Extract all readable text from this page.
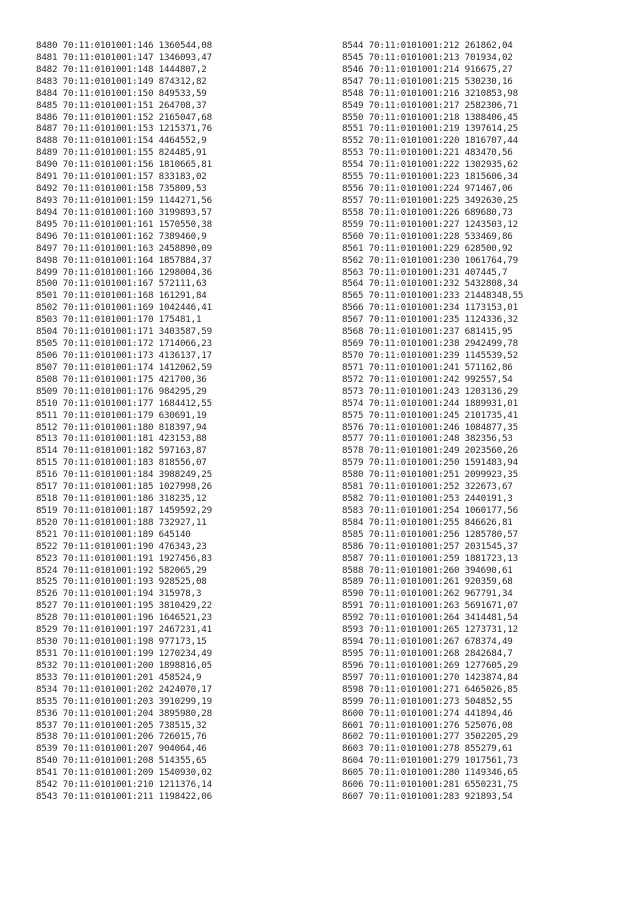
8480 70:11:0101001:146 1360544,08
8481 70:11:0101001:147 1346093,47
8482 70:11:0101001:148 1444807,2
8483 70:11:0101001:149 874312,82
8484 70:11:0101001:150 849533,59
8485 70:11:0101001:151 264708,37
8486 70:11:0101001:152 2165047,68
8487 70:11:0101001:153 1215371,76
8488 70:11:0101001:154 4464552,9
8489 70:11:0101001:155 824485,91
8490 70:11:0101001:156 1810665,81
8491 70:11:0101001:157 833183,02
8492 70:11:0101001:158 735809,53
8493 70:11:0101001:159 1144271,56
8494 70:11:0101001:160 3199893,57
8495 70:11:0101001:161 1570550,38
8496 70:11:0101001:162 7389460,9
8497 70:11:0101001:163 2458890,09
8498 70:11:0101001:164 1857884,37
8499 70:11:0101001:166 1298004,36
8500 70:11:0101001:167 572111,63
8501 70:11:0101001:168 161291,84
8502 70:11:0101001:169 1042446,41
8503 70:11:0101001:170 175481,1
8504 70:11:0101001:171 3403587,59
8505 70:11:0101001:172 1714066,23
8506 70:11:0101001:173 4136137,17
8507 70:11:0101001:174 1412062,59
8508 70:11:0101001:175 421700,36
8509 70:11:0101001:176 984295,29
8510 70:11:0101001:177 1684412,55
8511 70:11:0101001:179 630691,19
8512 70:11:0101001:180 818397,94
8513 70:11:0101001:181 423153,88
8514 70:11:0101001:182 597163,87
8515 70:11:0101001:183 818556,07
8516 70:11:0101001:184 3988249,25
8517 70:11:0101001:185 1027998,26
8518 70:11:0101001:186 318235,12
8519 70:11:0101001:187 1459592,29
8520 70:11:0101001:188 732927,11
8521 70:11:0101001:189 645140
8522 70:11:0101001:190 476343,23
8523 70:11:0101001:191 1927456,83
8524 70:11:0101001:192 582065,29
8525 70:11:0101001:193 928525,08
8526 70:11:0101001:194 315978,3
8527 70:11:0101001:195 3810429,22
8528 70:11:0101001:196 1646521,23
8529 70:11:0101001:197 2467231,41
8530 70:11:0101001:198 977173,15
8531 70:11:0101001:199 1270234,49
8532 70:11:0101001:200 1898816,05
8533 70:11:0101001:201 458524,9
8534 70:11:0101001:202 2424070,17
8535 70:11:0101001:203 3910299,19
8536 70:11:0101001:204 3895980,28
8537 70:11:0101001:205 738515,32
8538 70:11:0101001:206 726015,76
8539 70:11:0101001:207 904064,46
8540 70:11:0101001:208 514355,65
8541 70:11:0101001:209 1540930,02
8542 70:11:0101001:210 1211376,14
8543 70:11:0101001:211 1198422,06
8544 70:11:0101001:212 261862,04
8545 70:11:0101001:213 701934,02
8546 70:11:0101001:214 916675,27
8547 70:11:0101001:215 530230,16
8548 70:11:0101001:216 3210853,98
8549 70:11:0101001:217 2582306,71
8550 70:11:0101001:218 1388406,45
8551 70:11:0101001:219 1397614,25
8552 70:11:0101001:220 1816707,44
8553 70:11:0101001:221 483470,56
8554 70:11:0101001:222 1302935,62
8555 70:11:0101001:223 1815606,34
8556 70:11:0101001:224 971467,06
8557 70:11:0101001:225 3492630,25
8558 70:11:0101001:226 689680,73
8559 70:11:0101001:227 1243503,12
8560 70:11:0101001:228 533469,86
8561 70:11:0101001:229 628500,92
8562 70:11:0101001:230 1061764,79
8563 70:11:0101001:231 407445,7
8564 70:11:0101001:232 5432808,34
8565 70:11:0101001:233 21448348,55
8566 70:11:0101001:234 1173153,01
8567 70:11:0101001:235 1124336,32
8568 70:11:0101001:237 681415,95
8569 70:11:0101001:238 2942499,78
8570 70:11:0101001:239 1145539,52
8571 70:11:0101001:241 571162,86
8572 70:11:0101001:242 992557,54
8573 70:11:0101001:243 1203136,29
8574 70:11:0101001:244 1889931,01
8575 70:11:0101001:245 2101735,41
8576 70:11:0101001:246 1084877,35
8577 70:11:0101001:248 382356,53
8578 70:11:0101001:249 2023560,26
8579 70:11:0101001:250 1591483,94
8580 70:11:0101001:251 2099923,35
8581 70:11:0101001:252 322673,67
8582 70:11:0101001:253 2440191,3
8583 70:11:0101001:254 1060177,56
8584 70:11:0101001:255 846626,81
8585 70:11:0101001:256 1285780,57
8586 70:11:0101001:257 2031545,37
8587 70:11:0101001:259 1881723,13
8588 70:11:0101001:260 394690,61
8589 70:11:0101001:261 920359,68
8590 70:11:0101001:262 967791,34
8591 70:11:0101001:263 5691671,07
8592 70:11:0101001:264 3414481,54
8593 70:11:0101001:265 1273731,12
8594 70:11:0101001:267 678374,49
8595 70:11:0101001:268 2842684,7
8596 70:11:0101001:269 1277605,29
8597 70:11:0101001:270 1423874,84
8598 70:11:0101001:271 6465026,85
8599 70:11:0101001:273 504852,55
8600 70:11:0101001:274 441894,46
8601 70:11:0101001:276 525076,08
8602 70:11:0101001:277 3502205,29
8603 70:11:0101001:278 855279,61
8604 70:11:0101001:279 1017561,73
8605 70:11:0101001:280 1149346,65
8606 70:11:0101001:281 6550231,75
8607 70:11:0101001:283 921893,54
